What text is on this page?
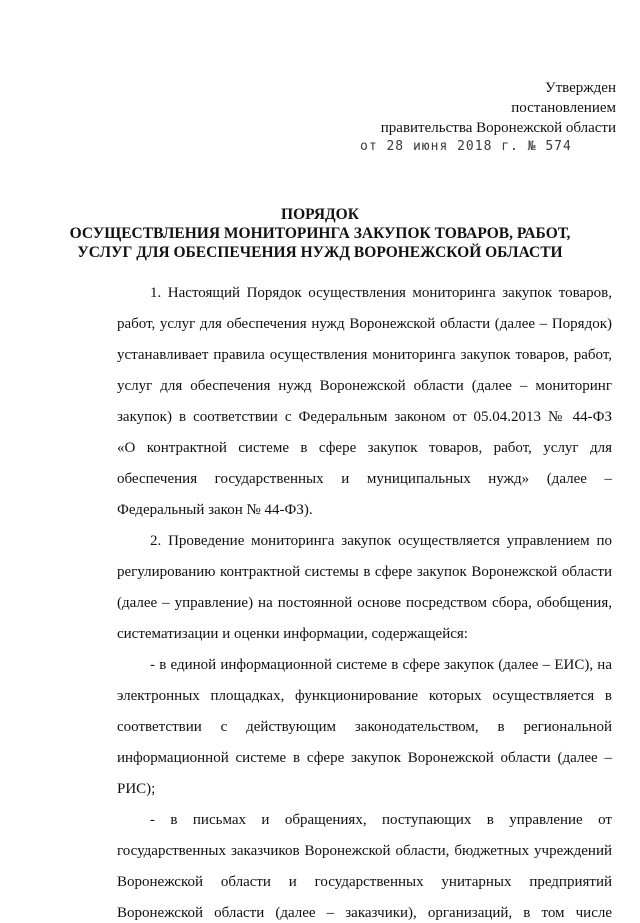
Утвержден
постановлением
правительства Воронежской области
от 28 июня 2018 г. № 574
ПОРЯДОК
ОСУЩЕСТВЛЕНИЯ МОНИТОРИНГА ЗАКУПОК ТОВАРОВ, РАБОТ,
УСЛУГ ДЛЯ ОБЕСПЕЧЕНИЯ НУЖД ВОРОНЕЖСКОЙ ОБЛАСТИ
1. Настоящий Порядок осуществления мониторинга закупок товаров,
работ, услуг для обеспечения нужд Воронежской области (далее – Порядок)
устанавливает правила осуществления мониторинга закупок товаров, работ,
услуг для обеспечения нужд Воронежской области (далее – мониторинг
закупок) в соответствии с Федеральным законом от 05.04.2013 № 44-ФЗ
«О контрактной системе в сфере закупок товаров, работ, услуг для
обеспечения государственных и муниципальных нужд» (далее –
Федеральный закон № 44-ФЗ).
2. Проведение мониторинга закупок осуществляется управлением по
регулированию контрактной системы в сфере закупок Воронежской области
(далее – управление) на постоянной основе посредством сбора, обобщения,
систематизации и оценки информации, содержащейся:
- в единой информационной системе в сфере закупок (далее – ЕИС), на
электронных площадках, функционирование которых осуществляется в
соответствии с действующим законодательством, в региональной
информационной системе в сфере закупок Воронежской области (далее –
РИС);
- в письмах и обращениях, поступающих в управление от
государственных заказчиков Воронежской области, бюджетных учреждений
Воронежской области и государственных унитарных предприятий
Воронежской области (далее – заказчики), организаций, в том числе
